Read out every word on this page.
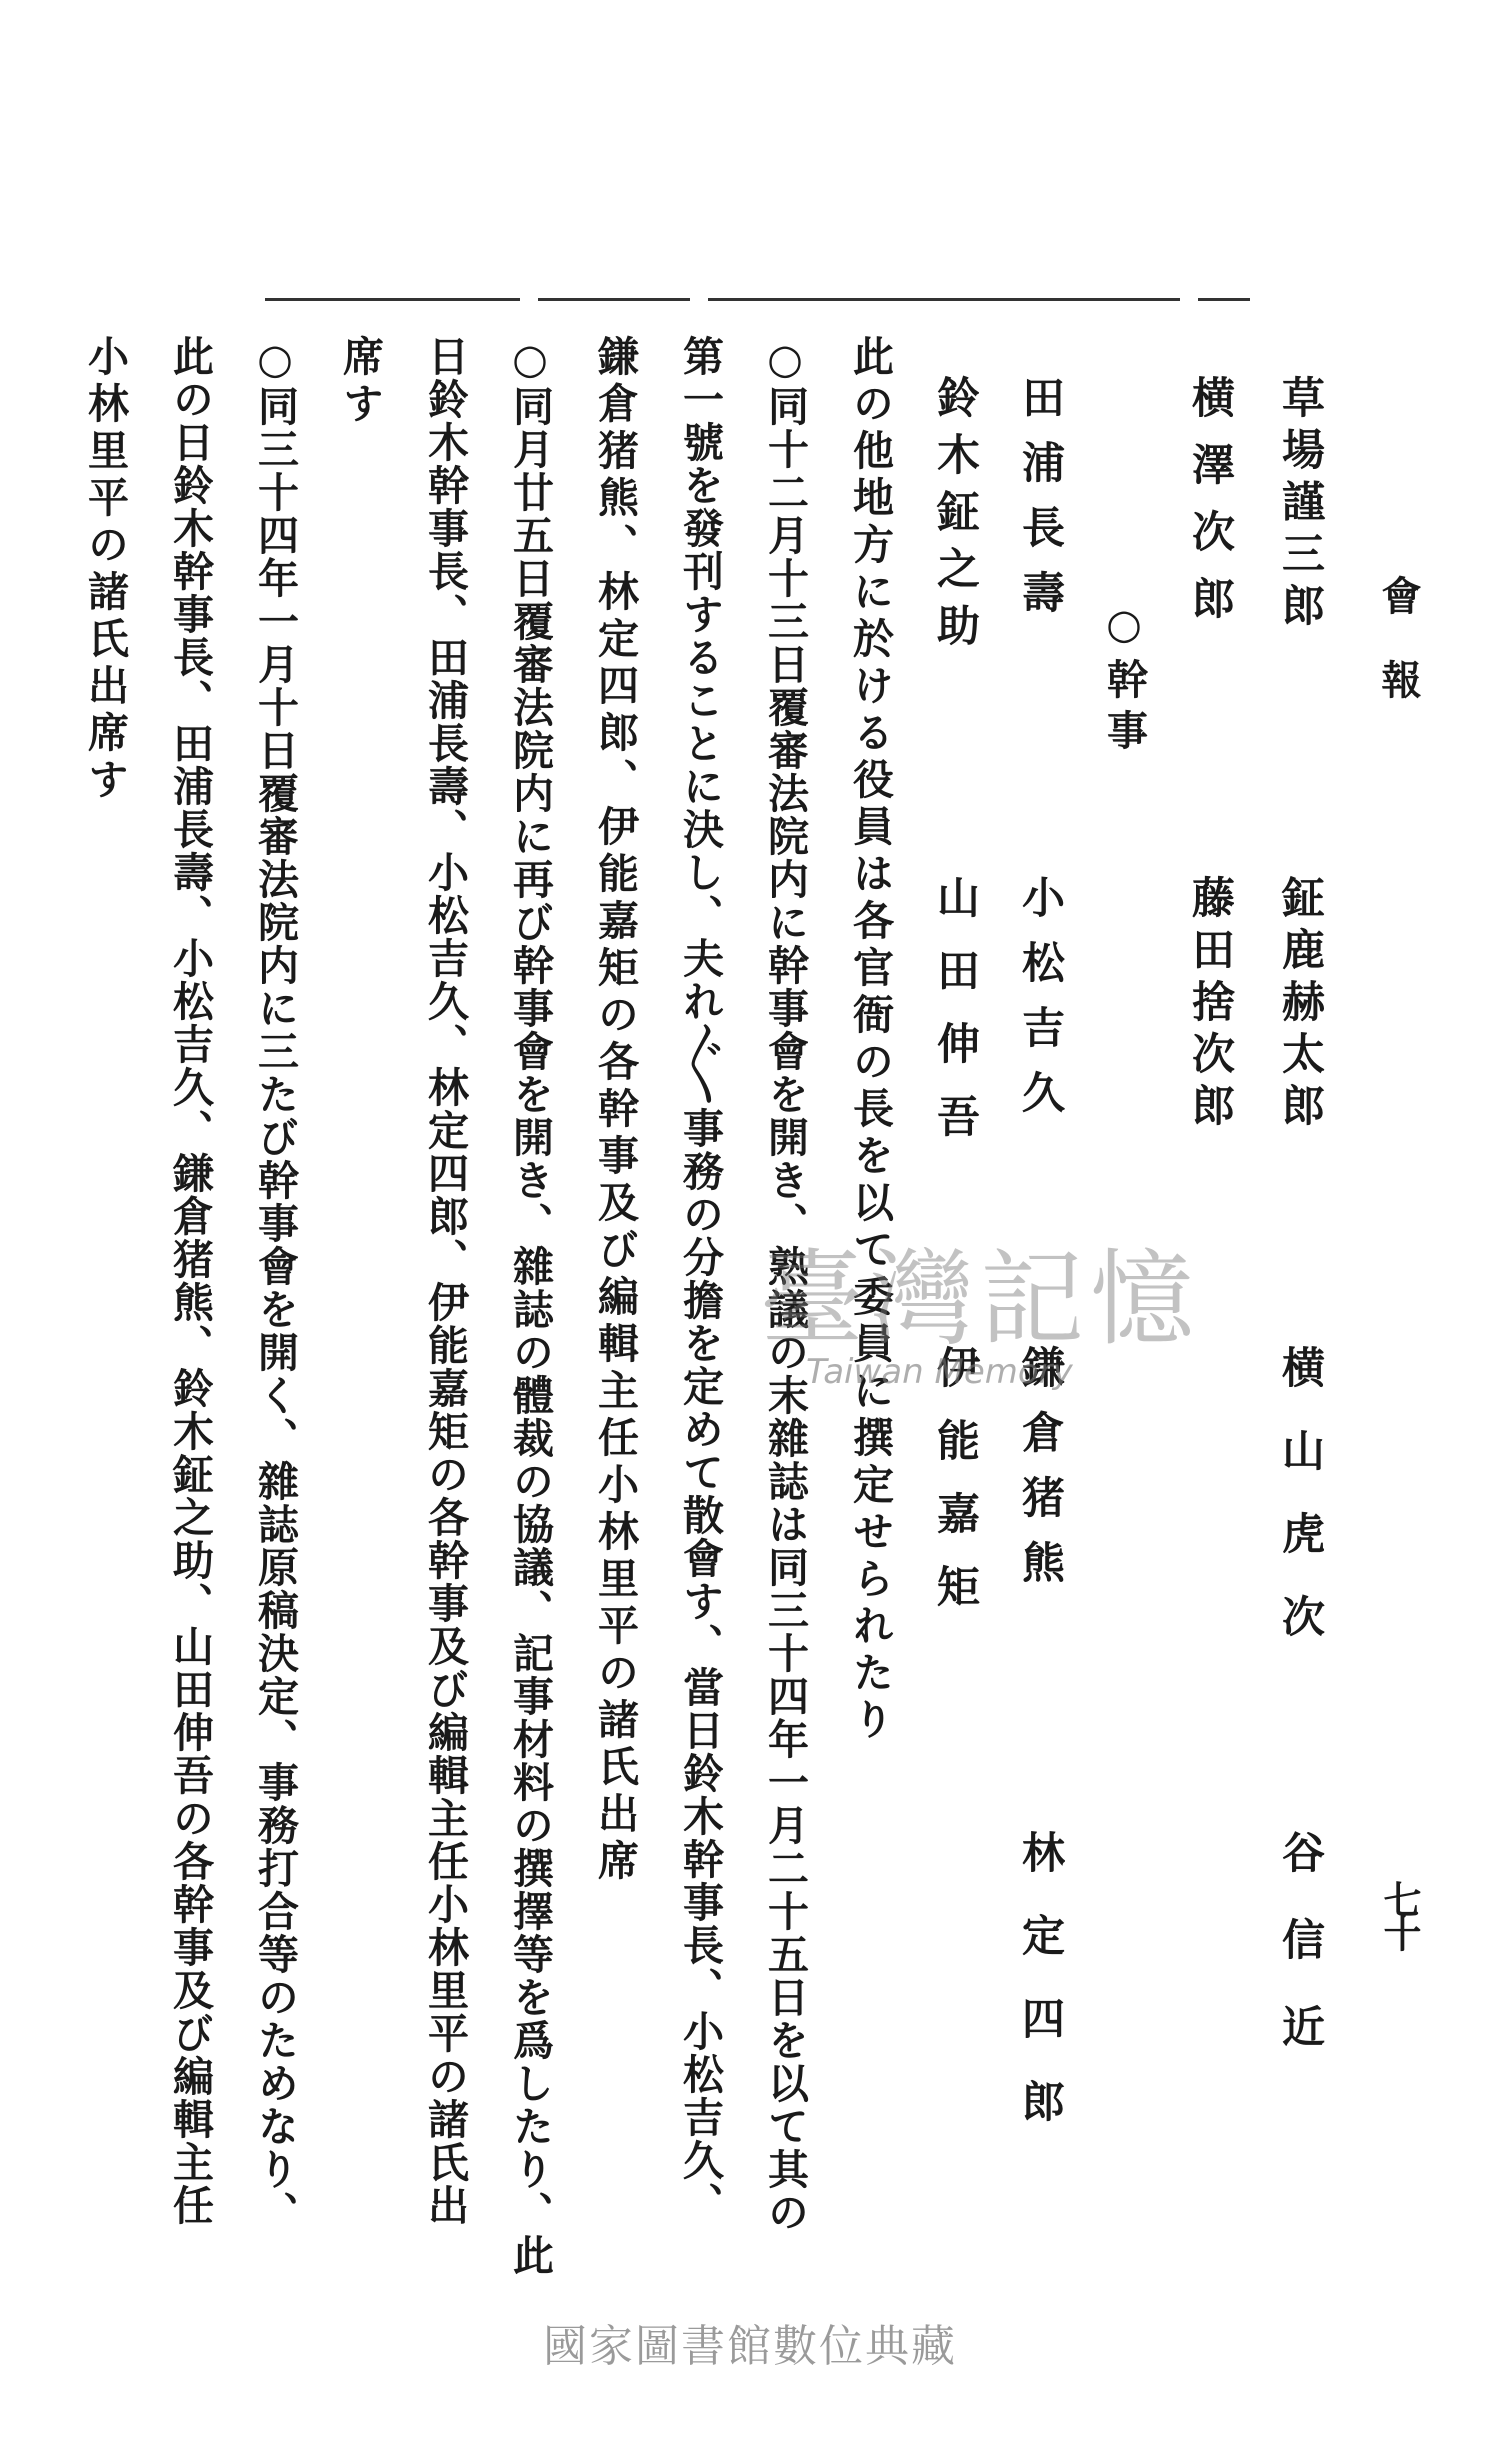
會報
七十
草場謹三郎
鉦鹿赫太郎
横山虎次
谷信近
横澤次郎
藤田捨次郎
○幹事
田浦長壽
小松吉久
鎌倉猪熊
林定四郎
鈴木鉦之助
山田伸吾
伊能嘉矩
此の他地方に於ける役員は各官衙の長を以て委員に撰定せられたり
○同十二月十三日覆審法院内に幹事會を開き、熟議の末雜誌は同三十四年一月二十五日を以て其の
第一號を發刊することに決し、夫れ〴〵事務の分擔を定めて散會す、當日鈴木幹事長、小松吉久、
鎌倉猪熊、林定四郎、伊能嘉矩の各幹事及び編輯主任小林里平の諸氏出席
○同月廿五日覆審法院内に再び幹事會を開き、雜誌の體裁の協議、記事材料の撰擇等を爲したり、此
日鈴木幹事長、田浦長壽、小松吉久、林定四郎、伊能嘉矩の各幹事及び編輯主任小林里平の諸氏出
席す
○同三十四年一月十日覆審法院内に三たび幹事會を開く、雜誌原稿決定、事務打合等のためなり、
此の日鈴木幹事長、田浦長壽、小松吉久、鎌倉猪熊、鈴木鉦之助、山田伸吾の各幹事及び編輯主任
小林里平の諸氏出席す
臺灣記憶
Taiwan Memory
國家圖書館數位典藏
